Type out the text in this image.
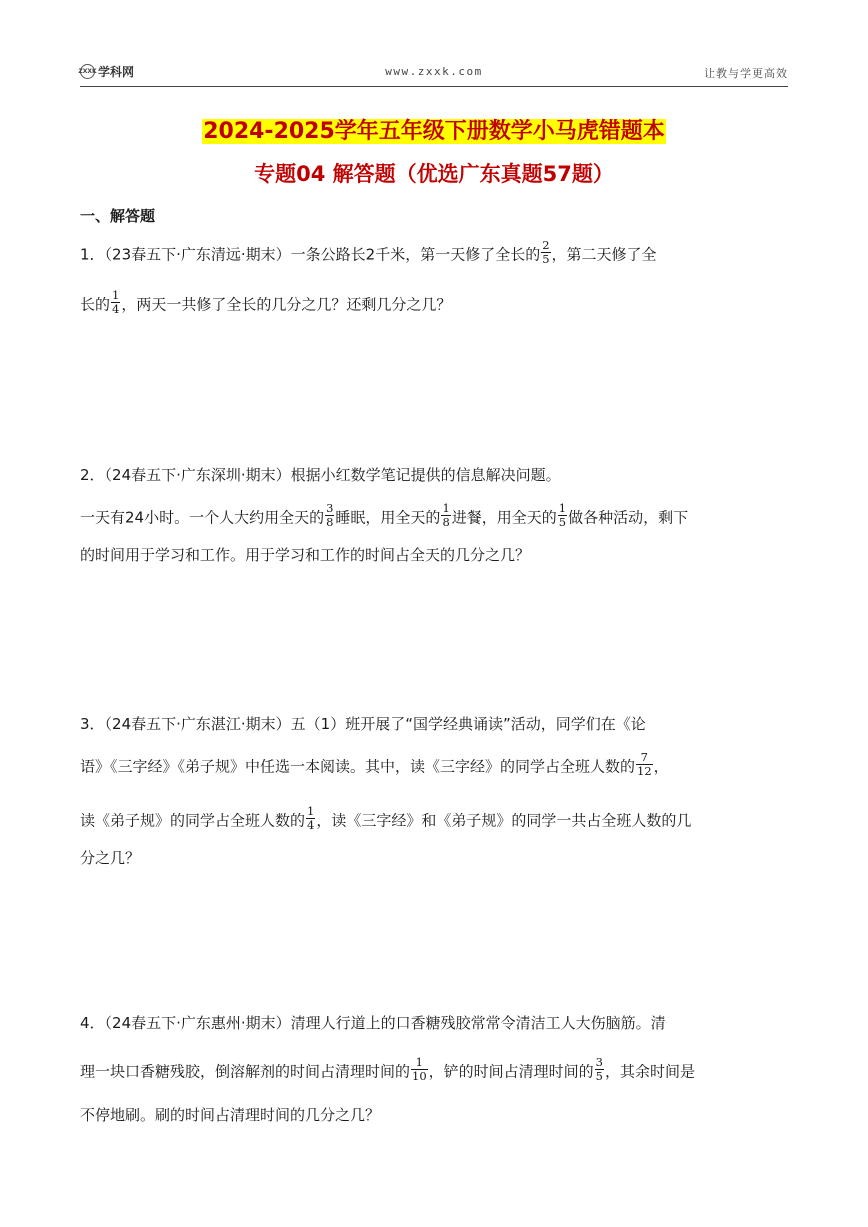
ZXXK 学科网	www.zxxk.com	让教与学更高效
2024-2025学年五年级下册数学小马虎错题本
专题04 解答题（优选广东真题57题）
一、解答题
1．（23春五下·广东清远·期末）一条公路长2千米，第一天修了全长的 $\frac{2}{5}$ ，第二天修了全
长的 $\frac{1}{4}$ ，两天一共修了全长的几分之几？还剩几分之几？
2．（24春五下·广东深圳·期末）根据小红数学笔记提供的信息解决问题。
一天有24小时。一个人大约用全天的 $\frac{3}{8}$ 睡眠，用全天的 $\frac{1}{8}$ 进餐，用全天的 $\frac{1}{5}$ 做各种活动，剩下
的时间用于学习和工作。用于学习和工作的时间占全天的几分之几？
3．（24春五下·广东湛江·期末）五（1）班开展了“国学经典诵读”活动，同学们在《论
语》《三字经》《弟子规》中任选一本阅读。其中，读《三字经》的同学占全班人数的 $\frac{7}{12}$ ，
读《弟子规》的同学占全班人数的 $\frac{1}{4}$ ，读《三字经》和《弟子规》的同学一共占全班人数的几
分之几？
4．（24春五下·广东惠州·期末）清理人行道上的口香糖残胶常常令清洁工人大伤脑筋。清
理一块口香糖残胶，倒溶解剂的时间占清理时间的 $\frac{1}{10}$ ，铲的时间占清理时间的 $\frac{3}{5}$ ，其余时间是
不停地刷。刷的时间占清理时间的几分之几？
